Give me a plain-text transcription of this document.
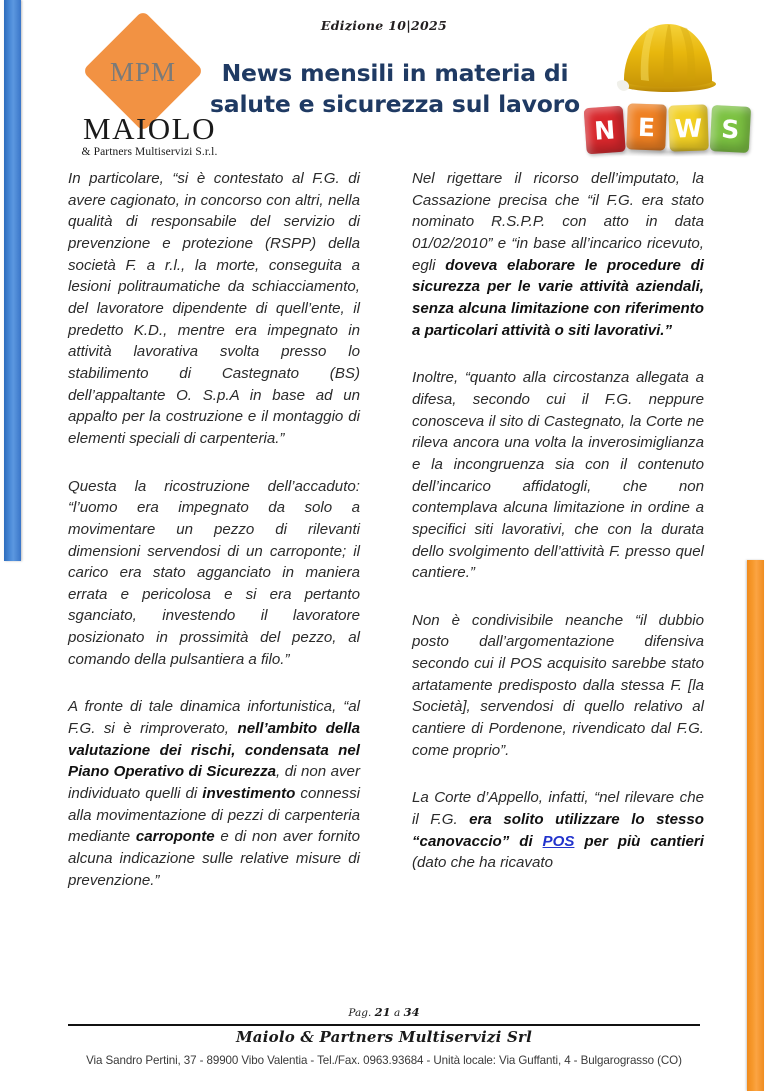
Edizione 10|2025
MPM
MAIOLO
& Partners Multiservizi S.r.l.
News mensili in materia di
salute e sicurezza sul lavoro
N E W S

In particolare, “si è contestato al F.G. di avere cagionato, in concorso con altri, nella qualità di responsabile del servizio di prevenzione e protezione (RSPP) della società F. a r.l., la morte, conseguita a lesioni politraumatiche da schiacciamento, del lavoratore dipendente di quell’ente, il predetto K.D., mentre era impegnato in attività lavorativa svolta presso lo stabilimento di Castegnato (BS) dell’appaltante O. S.p.A in base ad un appalto per la costruzione e il montaggio di elementi speciali di carpenteria.”

Questa la ricostruzione dell’accaduto: “l’uomo era impegnato da solo a movimentare un pezzo di rilevanti dimensioni servendosi di un carroponte; il carico era stato agganciato in maniera errata e pericolosa e si era pertanto sganciato, investendo il lavoratore posizionato in prossimità del pezzo, al comando della pulsantiera a filo.”

A fronte di tale dinamica infortunistica, “al F.G. si è rimproverato, nell’ambito della valutazione dei rischi, condensata nel Piano Operativo di Sicurezza, di non aver individuato quelli di investimento connessi alla movimentazione di pezzi di carpenteria mediante carroponte e di non aver fornito alcuna indicazione sulle relative misure di prevenzione.”

Nel rigettare il ricorso dell’imputato, la Cassazione precisa che “il F.G. era stato nominato R.S.P.P. con atto in data 01/02/2010” e “in base all’incarico ricevuto, egli doveva elaborare le procedure di sicurezza per le varie attività aziendali, senza alcuna limitazione con riferimento a particolari attività o siti lavorativi.”

Inoltre, “quanto alla circostanza allegata a difesa, secondo cui il F.G. neppure conosceva il sito di Castegnato, la Corte ne rileva ancora una volta la inverosimiglianza e la incongruenza sia con il contenuto dell’incarico affidatogli, che non contemplava alcuna limitazione in ordine a specifici siti lavorativi, che con la durata dello svolgimento dell’attività F. presso quel cantiere.”

Non è condivisibile neanche “il dubbio posto dall’argomentazione difensiva secondo cui il POS acquisito sarebbe stato artatamente predisposto dalla stessa F. [la Società], servendosi di quello relativo al cantiere di Pordenone, rivendicato dal F.G. come proprio”.

La Corte d’Appello, infatti, “nel rilevare che il F.G. era solito utilizzare lo stesso “canovaccio” di POS per più cantieri (dato che ha ricavato

Pag. 21 a 34
Maiolo & Partners Multiservizi Srl
Via Sandro Pertini, 37 - 89900 Vibo Valentia - Tel./Fax. 0963.93684 - Unità locale: Via Guffanti, 4 - Bulgarograsso (CO)
